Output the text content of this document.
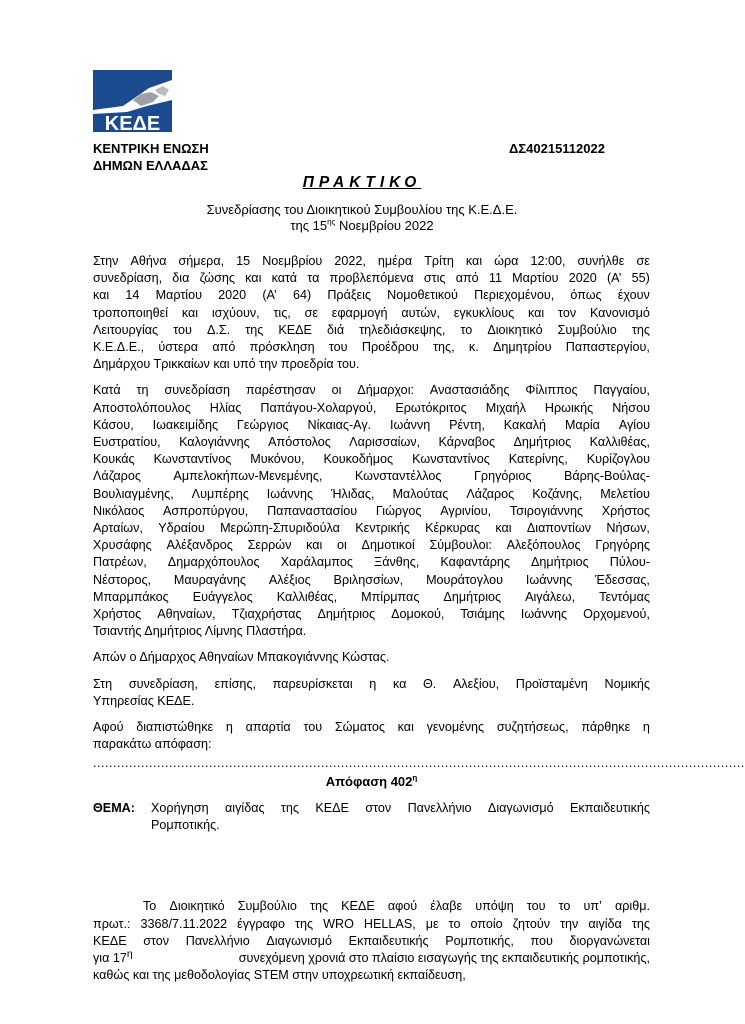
ΚΕΔΕ
ΚΕΝΤΡΙΚΗ ΕΝΩΣΗ
ΔΗΜΩΝ ΕΛΛΑΔΑΣ
ΔΣ40215112022
ΠΡΑΚΤΙΚΟ
Συνεδρίασης του Διοικητικού Συμβουλίου της Κ.Ε.Δ.Ε.
της $15^{\eta\varsigma}$ Νοεμβρίου 2022

Στην Αθήνα σήμερα, 15 Νοεμβρίου 2022, ημέρα Τρίτη και ώρα 12:00, συνήλθε σε
συνεδρίαση, δια ζώσης και κατά τα προβλεπόμενα στις από 11 Μαρτίου 2020 (Α’ 55)
και 14 Μαρτίου 2020 (Α’ 64) Πράξεις Νομοθετικού Περιεχομένου, όπως έχουν
τροποποιηθεί και ισχύουν, τις, σε εφαρμογή αυτών, εγκυκλίους και τον Κανονισμό
Λειτουργίας του Δ.Σ. της ΚΕΔΕ διά τηλεδιάσκεψης, το Διοικητικό Συμβούλιο της
Κ.Ε.Δ.Ε., ύστερα από πρόσκληση του Προέδρου της, κ. Δημητρίου Παπαστεργίου,
Δημάρχου Τρικκαίων και υπό την προεδρία του.

Κατά τη συνεδρίαση παρέστησαν οι Δήμαρχοι: Αναστασιάδης Φίλιππος Παγγαίου,
Αποστολόπουλος Ηλίας Παπάγου-Χολαργού, Ερωτόκριτος Μιχαήλ Ηρωικής Νήσου
Κάσου, Ιωακειμίδης Γεώργιος Νίκαιας-Αγ. Ιωάννη Ρέντη, Κακαλή Μαρία Αγίου
Ευστρατίου, Καλογιάννης Απόστολος Λαρισσαίων, Κάρναβος Δημήτριος Καλλιθέας,
Κουκάς Κωνσταντίνος Μυκόνου, Κουκοδήμος Κωνσταντίνος Κατερίνης, Κυρίζογλου
Λάζαρος	Αμπελοκήπων-Μενεμένης,	Κωνσταντέλλος	Γρηγόριος	Βάρης-Βούλας-
Βουλιαγμένης, Λυμπέρης Ιωάννης Ήλιδας, Μαλούτας Λάζαρος Κοζάνης, Μελετίου
Νικόλαος Ασπροπύργου, Παπαναστασίου Γιώργος Αγρινίου, Τσιρογιάννης Χρήστος
Αρταίων, Υδραίου Μερώπη-Σπυριδούλα Κεντρικής Κέρκυρας και Διαποντίων Νήσων,
Χρυσάφης Αλέξανδρος Σερρών και οι Δημοτικοί Σύμβουλοι: Αλεξόπουλος Γρηγόρης
Πατρέων, Δημαρχόπουλος Χαράλαμπος Ξάνθης, Καφαντάρης Δημήτριος Πύλου-
Νέστορος, Μαυραγάνης Αλέξιος Βριλησσίων, Μουράτογλου Ιωάννης Έδεσσας,
Μπαρμπάκος Ευάγγελος Καλλιθέας, Μπίρμπας Δημήτριος Αιγάλεω, Τεντόμας
Χρήστος Αθηναίων, Τζιαχρήστας Δημήτριος Δομοκού, Τσιάμης Ιωάννης Ορχομενού,
Τσιαντής Δημήτριος Λίμνης Πλαστήρα.

Απών ο Δήμαρχος Αθηναίων Μπακογιάννης Κώστας.

Στη συνεδρίαση, επίσης, παρευρίσκεται η κα Θ. Αλεξίου, Προϊσταμένη Νομικής
Υπηρεσίας ΚΕΔΕ.

Αφού διαπιστώθηκε η απαρτία του Σώματος και γενομένης συζητήσεως, πάρθηκε η
παρακάτω απόφαση:

...................................................................................................................................................................
Απόφαση $402^\eta$
ΘΕΜΑ:	Χορήγηση αιγίδας της ΚΕΔΕ στον Πανελλήνιο Διαγωνισμό Εκπαιδευτικής
Ρομποτικής.
Το Διοικητικό Συμβούλιο της ΚΕΔΕ αφού έλαβε υπόψη του το υπ’ αριθμ.
πρωτ.: 3368/7.11.2022 έγγραφο της WRO HELLAS, με το οποίο ζητούν την αιγίδα της
ΚΕΔΕ στον Πανελλήνιο Διαγωνισμό Εκπαιδευτικής Ρομποτικής, που διοργανώνεται
για $17^\eta$	συνεχόμενη χρονιά στο πλαίσιο εισαγωγής της εκπαιδευτικής ρομποτικής,
καθώς και της μεθοδολογίας STEM στην υποχρεωτική εκπαίδευση,
